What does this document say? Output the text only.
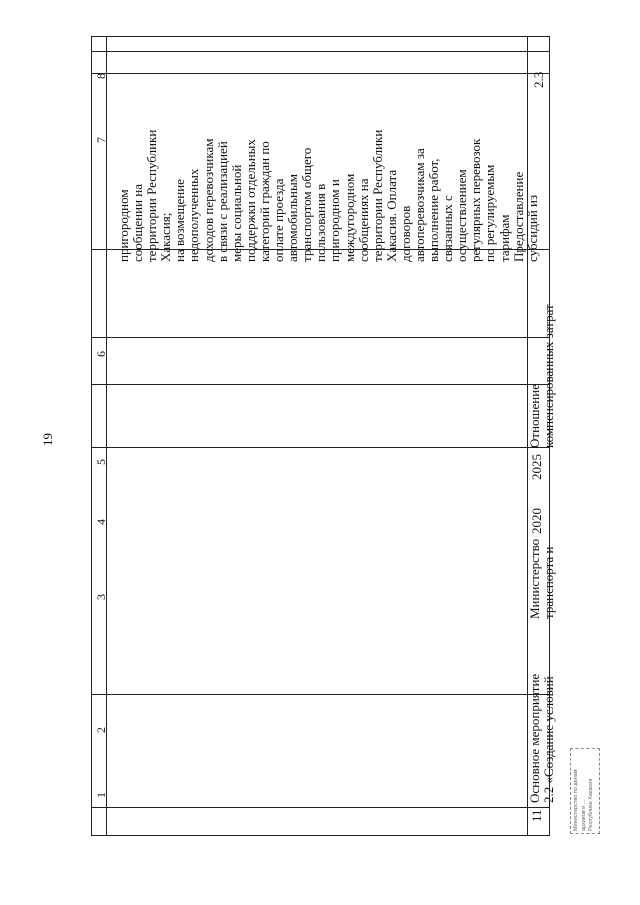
19
1
2
3
4
5
6
7
8
11
Основное мероприятие
2.2 «Создание условий
Министерство
транспорта и
2020
2025
Отношение
компенсированных затрат
пригородном
сообщении на
территории Республики
Хакасия;
на возмещение
недополученных
доходов перевозчикам
в связи с реализацией
меры социальной
поддержки отдельных
категорий граждан по
оплате проезда
автомобильным
транспортом общего
пользования в
пригородном и
междугородном
сообщениях на
территории Республики
Хакасия. Оплата
договоров
автоперевозчикам за
выполнение работ,
связанных с
осуществлением
регулярных перевозок
по регулируемым
тарифам
Предоставление
субсидий из
2.3
Министерство по делам
архивов и ...
Республики Хакасия
